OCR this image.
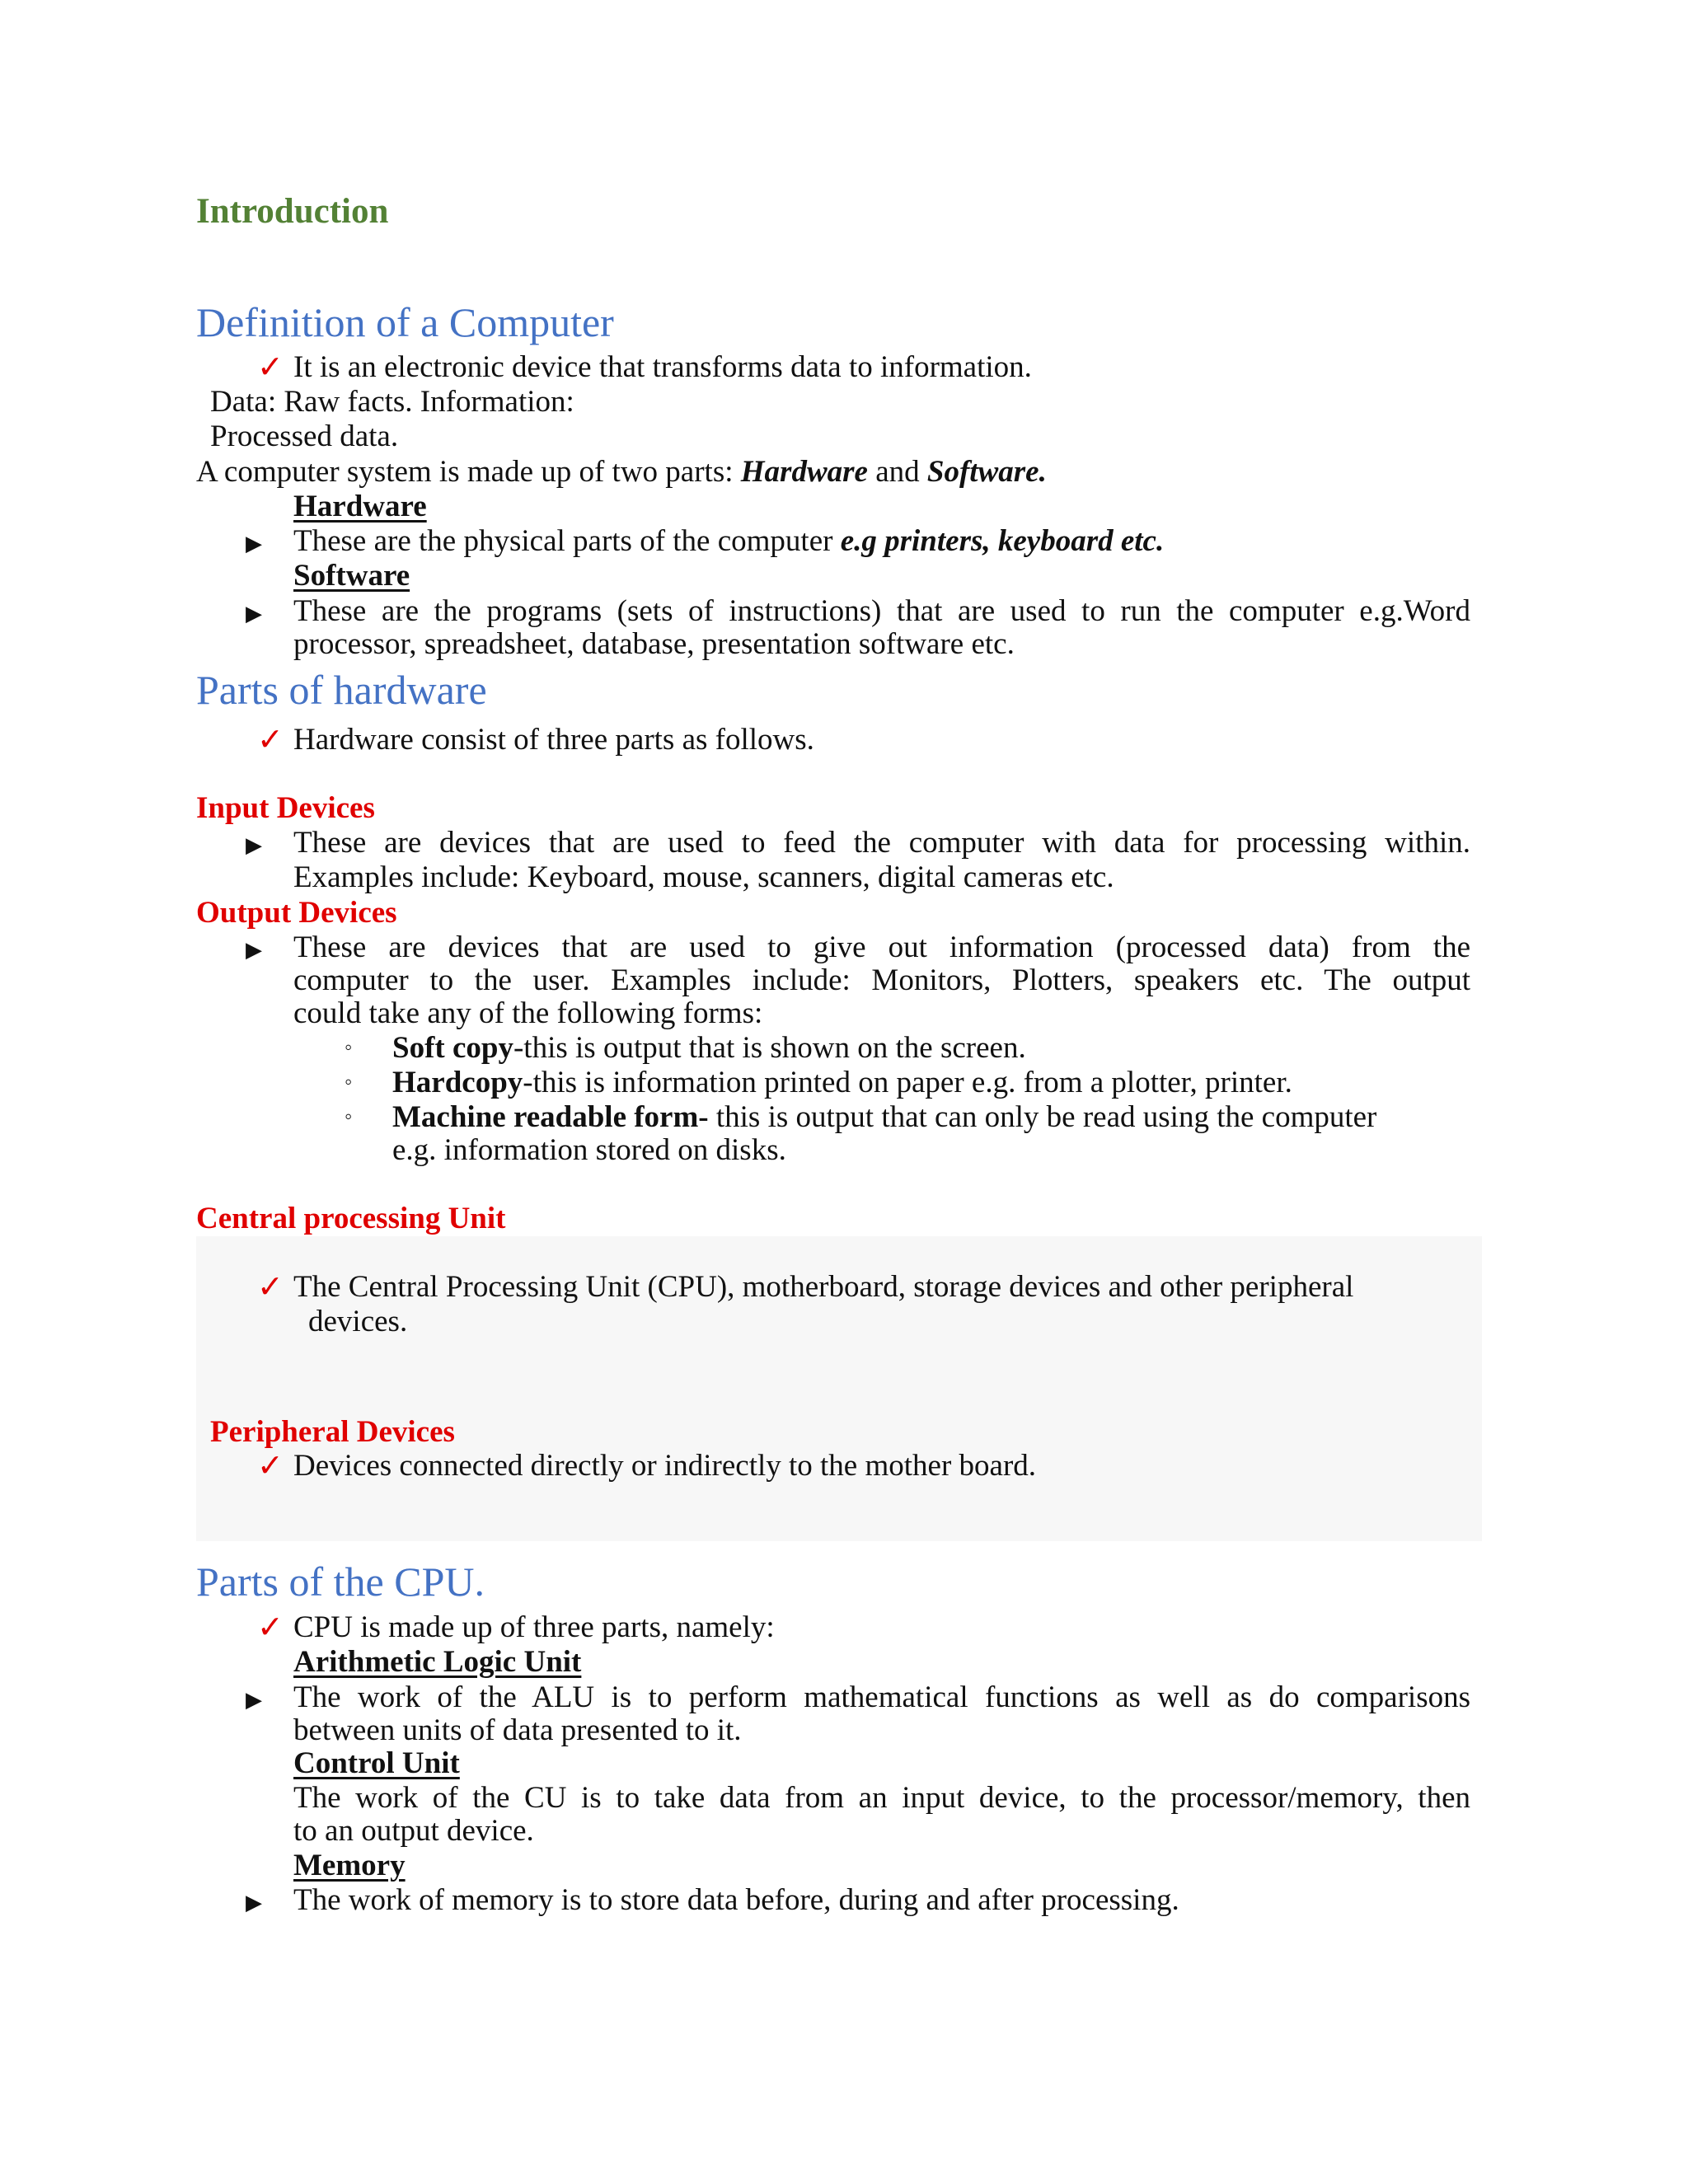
Introduction

Definition of a Computer

✓ It is an electronic device that transforms data to information.

Data: Raw facts. Information:

Processed data.

A computer system is made up of two parts: Hardware and Software.

Hardware

▶ These are the physical parts of the computer e.g printers, keyboard etc.

Software

▶ These are the programs (sets of instructions) that are used to run the computer e.g.Word

processor, spreadsheet, database, presentation software etc.

Parts of hardware

✓ Hardware consist of three parts as follows.

Input Devices

▶ These are devices that are used to feed the computer with data for processing within.

Examples include: Keyboard, mouse, scanners, digital cameras etc.

Output Devices

▶ These are devices that are used to give out information (processed data) from the

computer to the user. Examples include: Monitors, Plotters, speakers etc. The output

could take any of the following forms:

◦ Soft copy-this is output that is shown on the screen.

◦ Hardcopy-this is information printed on paper e.g. from a plotter, printer.

◦ Machine readable form- this is output that can only be read using the computer

e.g. information stored on disks.

Central processing Unit

✓ The Central Processing Unit (CPU), motherboard, storage devices and other peripheral

devices.

Peripheral Devices

✓ Devices connected directly or indirectly to the mother board.

Parts of the CPU.

✓ CPU is made up of three parts, namely:

Arithmetic Logic Unit

▶ The work of the ALU is to perform mathematical functions as well as do comparisons

between units of data presented to it.

Control Unit

The work of the CU is to take data from an input device, to the processor/memory, then

to an output device.

Memory

▶ The work of memory is to store data before, during and after processing.
